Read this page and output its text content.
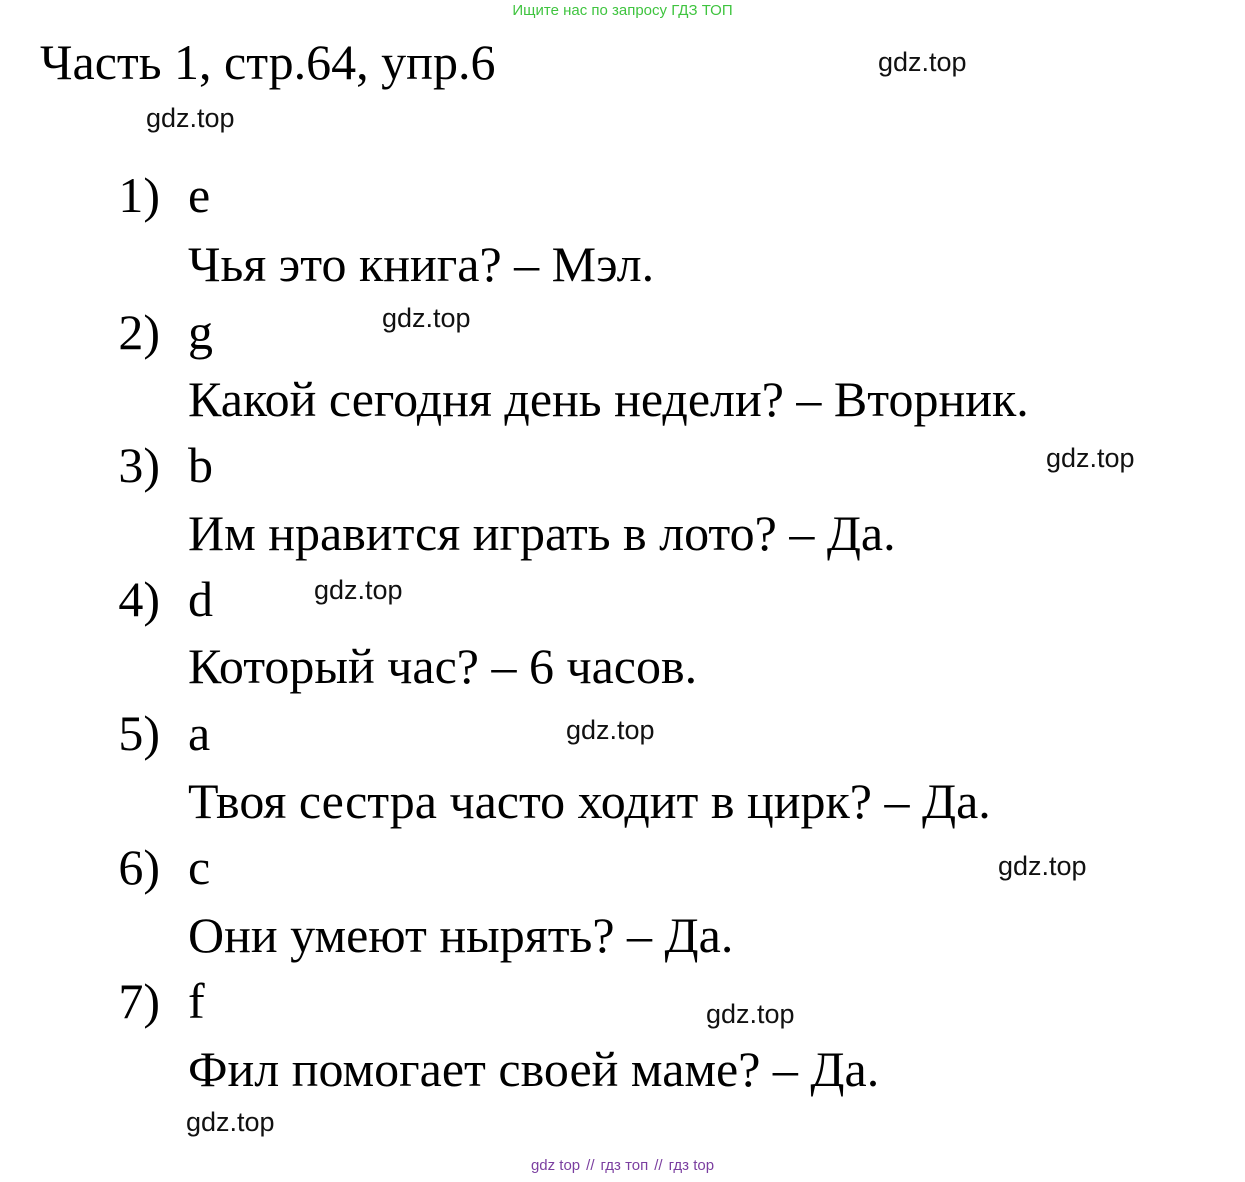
Ищите нас по запросу ГДЗ ТОП
Часть 1, стр.64, упр.6	gdz.top
gdz.top
gdz.top
gdz.top
gdz.top
gdz.top
gdz.top
gdz.top
gdz.top
1) e
Чья это книга? – Мэл.
2) g
Какой сегодня день недели? – Вторник.
3) b
Им нравится играть в лото? – Да.
4) d
Который час? – 6 часов.
5) a
Твоя сестра часто ходит в цирк? – Да.
6) c
Они умеют нырять? – Да.
7) f
Фил помогает своей маме? – Да.
gdz top // гдз топ // гдз top
